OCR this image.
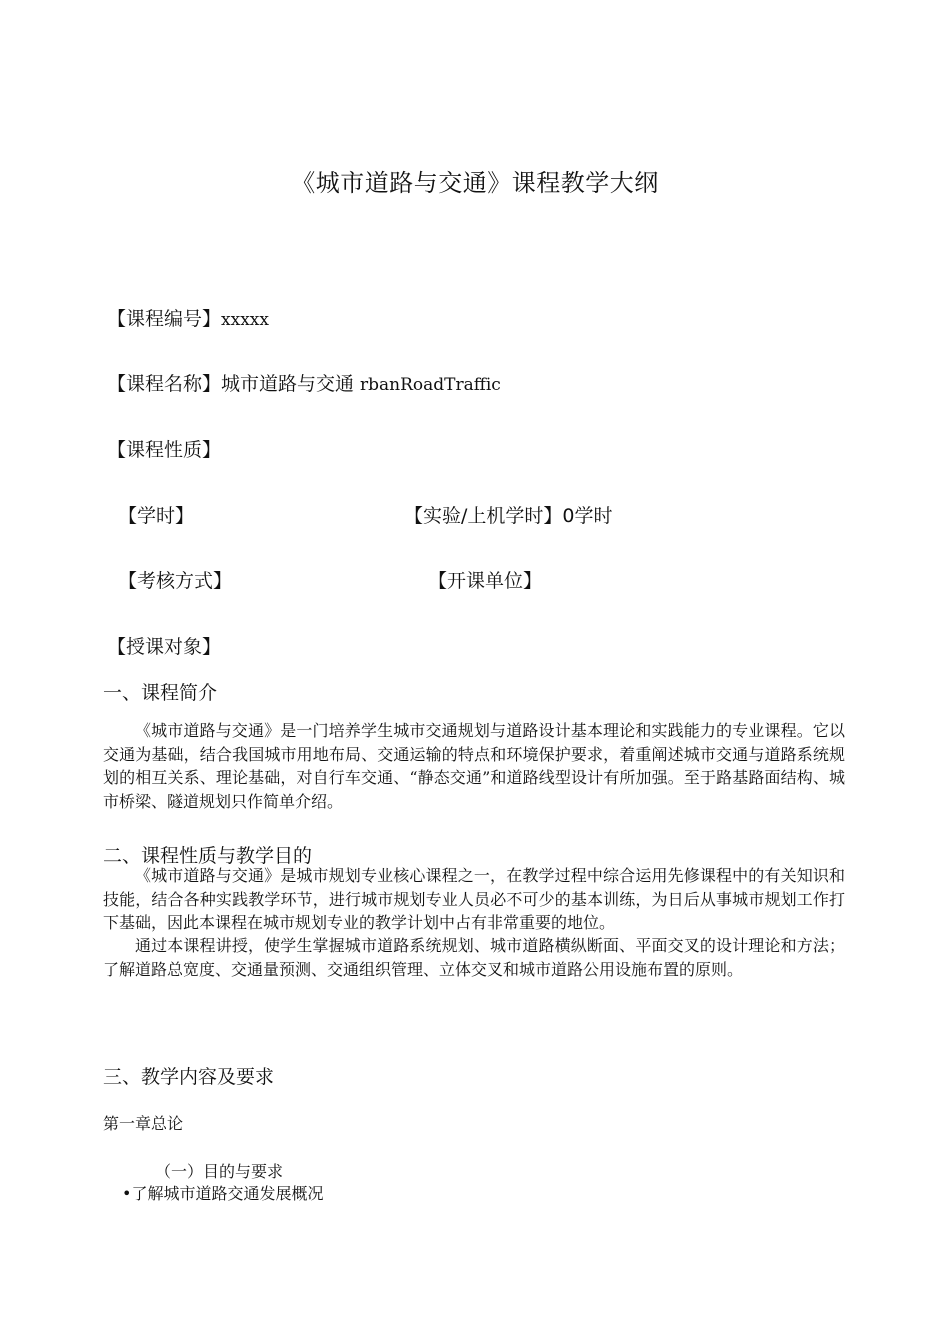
《城市道路与交通》课程教学大纲
【课程编号】xxxxx
【课程名称】城市道路与交通 rbanRoadTraffic
【课程性质】
【学时】	【实验/上机学时】0学时
【考核方式】	【开课单位】
【授课对象】
一、课程简介
《城市道路与交通》是一门培养学生城市交通规划与道路设计基本理论和实践能力的专业课程。它以交通为基础，结合我国城市用地布局、交通运输的特点和环境保护要求，着重阐述城市交通与道路系统规划的相互关系、理论基础，对自行车交通、“静态交通”和道路线型设计有所加强。至于路基路面结构、城市桥梁、隧道规划只作简单介绍。
二、课程性质与教学目的
《城市道路与交通》是城市规划专业核心课程之一，在教学过程中综合运用先修课程中的有关知识和技能，结合各种实践教学环节，进行城市规划专业人员必不可少的基本训练，为日后从事城市规划工作打下基础，因此本课程在城市规划专业的教学计划中占有非常重要的地位。
通过本课程讲授，使学生掌握城市道路系统规划、城市道路横纵断面、平面交叉的设计理论和方法；了解道路总宽度、交通量预测、交通组织管理、立体交叉和城市道路公用设施布置的原则。
三、教学内容及要求
第一章总论
（一）目的与要求
•了解城市道路交通发展概况
